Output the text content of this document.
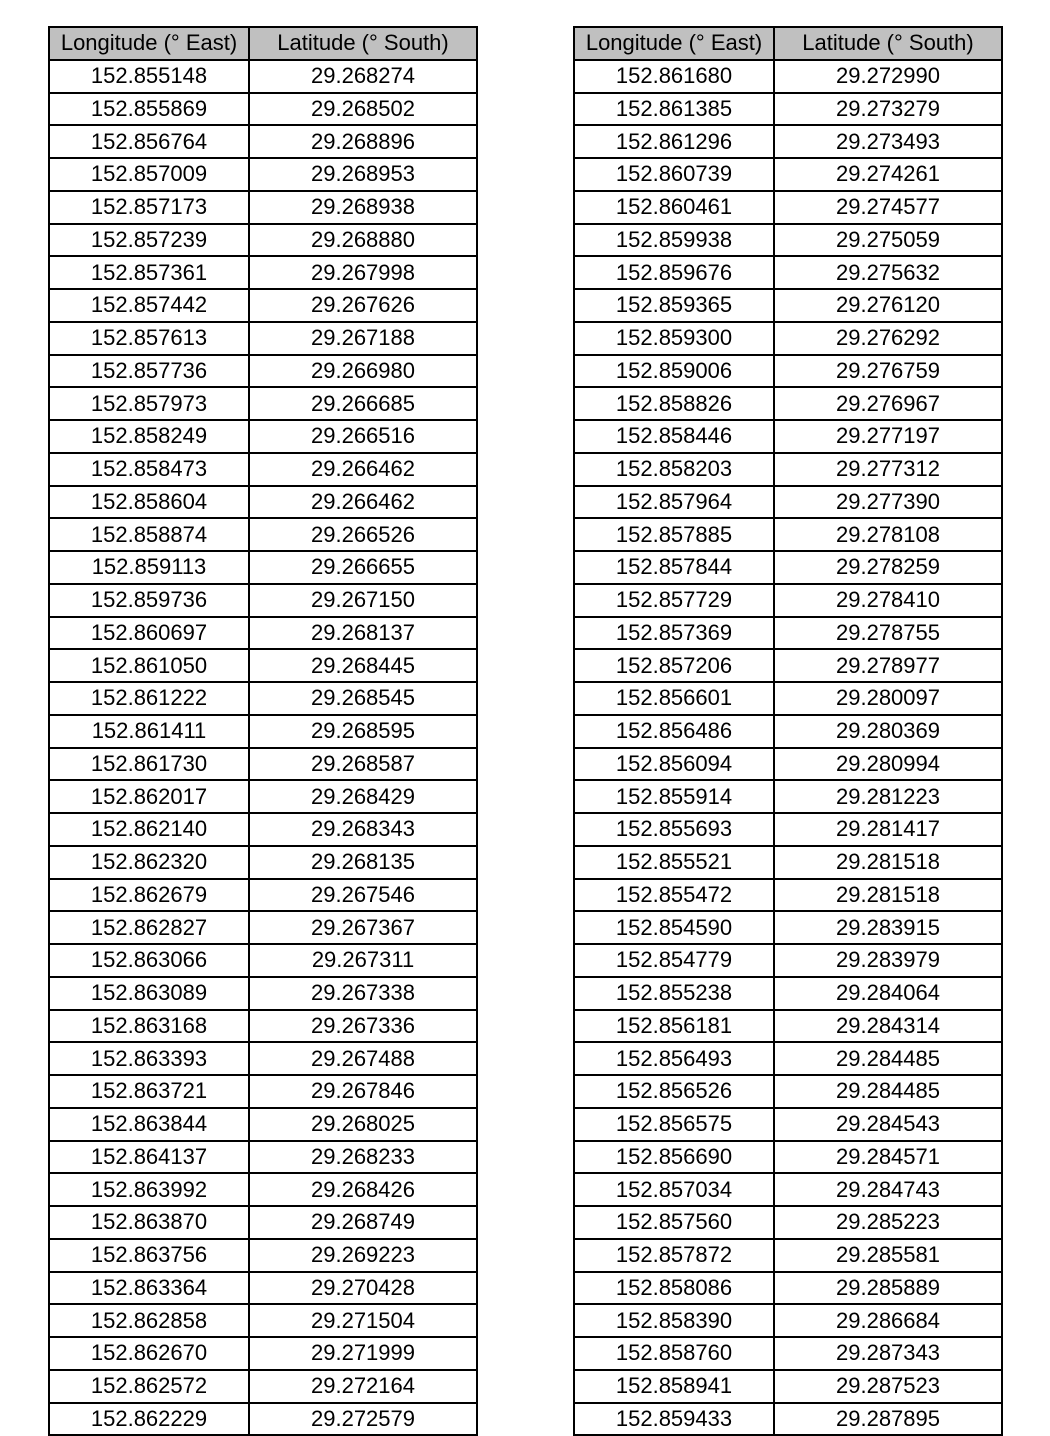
Longitude (° East)	Latitude (° South)
152.855148	29.268274
152.855869	29.268502
152.856764	29.268896
152.857009	29.268953
152.857173	29.268938
152.857239	29.268880
152.857361	29.267998
152.857442	29.267626
152.857613	29.267188
152.857736	29.266980
152.857973	29.266685
152.858249	29.266516
152.858473	29.266462
152.858604	29.266462
152.858874	29.266526
152.859113	29.266655
152.859736	29.267150
152.860697	29.268137
152.861050	29.268445
152.861222	29.268545
152.861411	29.268595
152.861730	29.268587
152.862017	29.268429
152.862140	29.268343
152.862320	29.268135
152.862679	29.267546
152.862827	29.267367
152.863066	29.267311
152.863089	29.267338
152.863168	29.267336
152.863393	29.267488
152.863721	29.267846
152.863844	29.268025
152.864137	29.268233
152.863992	29.268426
152.863870	29.268749
152.863756	29.269223
152.863364	29.270428
152.862858	29.271504
152.862670	29.271999
152.862572	29.272164
152.862229	29.272579
Longitude (° East)	Latitude (° South)
152.861680	29.272990
152.861385	29.273279
152.861296	29.273493
152.860739	29.274261
152.860461	29.274577
152.859938	29.275059
152.859676	29.275632
152.859365	29.276120
152.859300	29.276292
152.859006	29.276759
152.858826	29.276967
152.858446	29.277197
152.858203	29.277312
152.857964	29.277390
152.857885	29.278108
152.857844	29.278259
152.857729	29.278410
152.857369	29.278755
152.857206	29.278977
152.856601	29.280097
152.856486	29.280369
152.856094	29.280994
152.855914	29.281223
152.855693	29.281417
152.855521	29.281518
152.855472	29.281518
152.854590	29.283915
152.854779	29.283979
152.855238	29.284064
152.856181	29.284314
152.856493	29.284485
152.856526	29.284485
152.856575	29.284543
152.856690	29.284571
152.857034	29.284743
152.857560	29.285223
152.857872	29.285581
152.858086	29.285889
152.858390	29.286684
152.858760	29.287343
152.858941	29.287523
152.859433	29.287895
